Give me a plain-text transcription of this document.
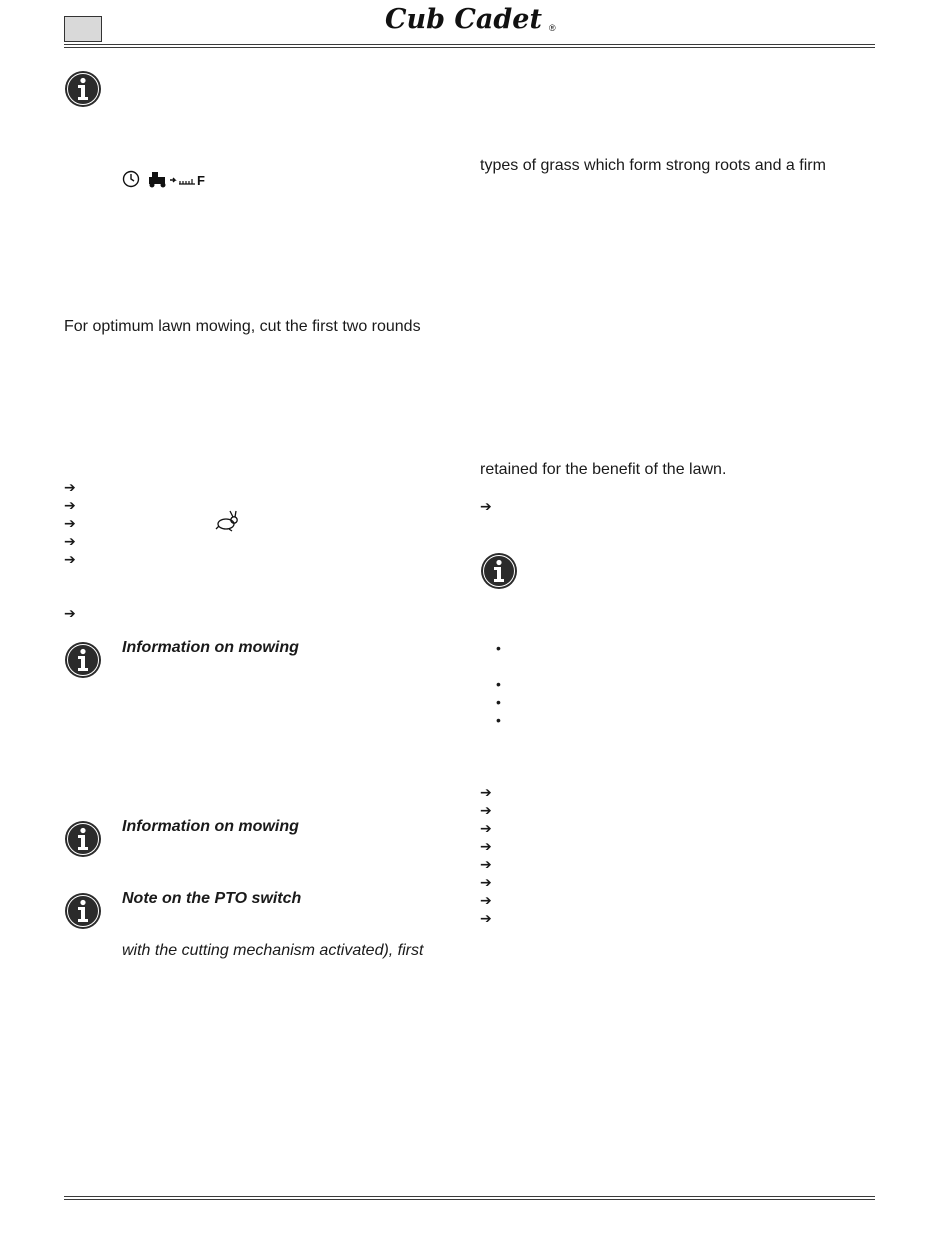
Cub Cadet ®
F
For optimum lawn mowing, cut the first two rounds
➔
➔
➔
➔
➔
➔
Information on mowing
Information on mowing
Note on the PTO switch
with the cutting mechanism activated), first
types of grass which form strong roots and a firm
retained for the benefit of the lawn.
➔
•
•
•
•
➔
➔
➔
➔
➔
➔
➔
➔
